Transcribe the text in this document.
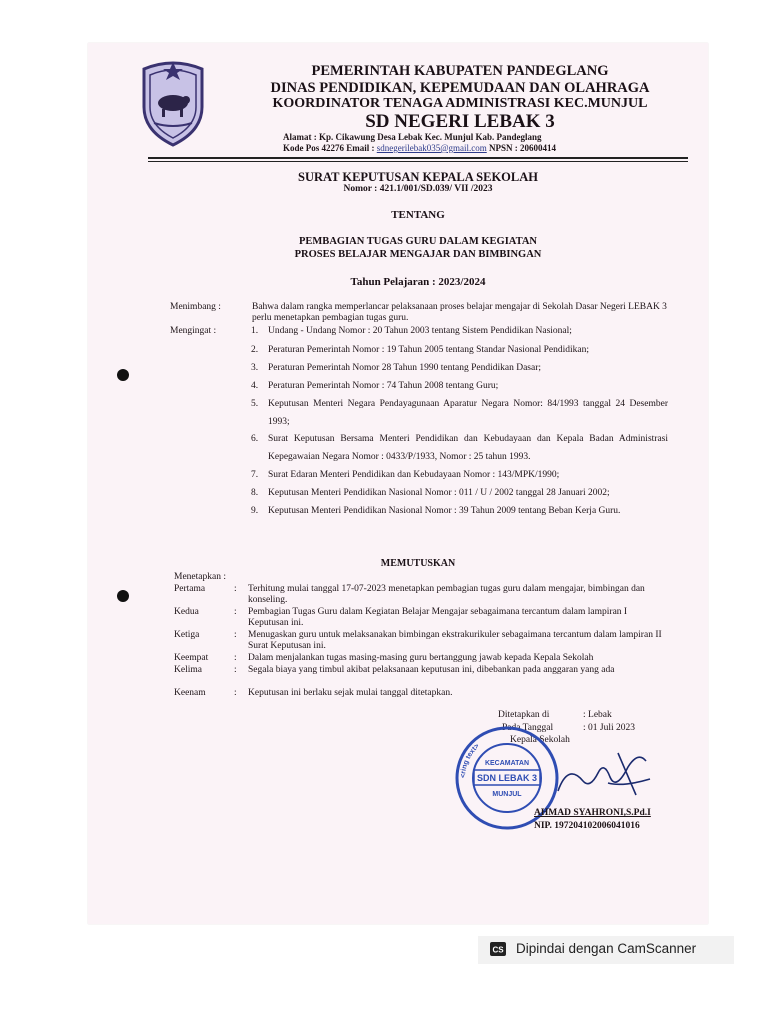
PEMERINTAH KABUPATEN PANDEGLANG
DINAS PENDIDIKAN, KEPEMUDAAN DAN OLAHRAGA
KOORDINATOR TENAGA ADMINISTRASI KEC.MUNJUL
SD NEGERI LEBAK 3
Alamat : Kp. Cikawung Desa Lebak Kec. Munjul Kab. Pandeglang
Kode Pos 42276 Email : sdnegerilebak035@gmail.com NPSN : 20600414
SURAT KEPUTUSAN KEPALA SEKOLAH
Nomor : 421.1/001/SD.039/ VII /2023
TENTANG
PEMBAGIAN TUGAS GURU DALAM KEGIATAN
PROSES BELAJAR MENGAJAR DAN BIMBINGAN
Tahun Pelajaran : 2023/2024
Menimbang :	Bahwa dalam rangka memperlancar pelaksanaan proses belajar mengajar di Sekolah Dasar Negeri LEBAK 3 perlu menetapkan pembagian tugas guru.
Mengingat :	1. Undang - Undang Nomor : 20 Tahun 2003 tentang Sistem Pendidikan Nasional;
2. Peraturan Pemerintah Nomor : 19 Tahun 2005 tentang Standar Nasional Pendidikan;
3. Peraturan Pemerintah Nomor 28 Tahun 1990 tentang Pendidikan Dasar;
4. Peraturan Pemerintah Nomor : 74 Tahun 2008 tentang Guru;
5. Keputusan Menteri Negara Pendayagunaan Aparatur Negara Nomor: 84/1993 tanggal 24 Desember 1993;
6. Surat Keputusan Bersama Menteri Pendidikan dan Kebudayaan dan Kepala Badan Administrasi Kepegawaian Negara Nomor : 0433/P/1933, Nomor : 25 tahun 1993.
7. Surat Edaran Menteri Pendidikan dan Kebudayaan Nomor : 143/MPK/1990;
8. Keputusan Menteri Pendidikan Nasional Nomor : 011 / U / 2002 tanggal 28 Januari 2002;
9. Keputusan Menteri Pendidikan Nasional Nomor : 39 Tahun 2009 tentang Beban Kerja Guru.
MEMUTUSKAN
Menetapkan :
Pertama	: Terhitung mulai tanggal 17-07-2023 menetapkan pembagian tugas guru dalam mengajar, bimbingan dan konseling.
Kedua	: Pembagian Tugas Guru dalam Kegiatan Belajar Mengajar sebagaimana tercantum dalam lampiran I Keputusan ini.
Ketiga	: Menugaskan guru untuk melaksanakan bimbingan ekstrakurikuler sebagaimana tercantum dalam lampiran II Surat Keputusan ini.
Keempat	: Dalam menjalankan tugas masing-masing guru bertanggung jawab kepada Kepala Sekolah
Kelima	: Segala biaya yang timbul akibat pelaksanaan keputusan ini, dibebankan pada anggaran yang ada
Keenam	: Keputusan ini berlaku sejak mulai tanggal ditetapkan.
Ditetapkan di	: Lebak
Pada Tanggal	: 01 Juli 2023
Kepala Sekolah
<ring text>
KECAMATAN
SDN LEBAK 3
MUNJUL
AHMAD SYAHRONI,S.Pd.I
NIP. 197204102006041016
CS Dipindai dengan CamScanner
